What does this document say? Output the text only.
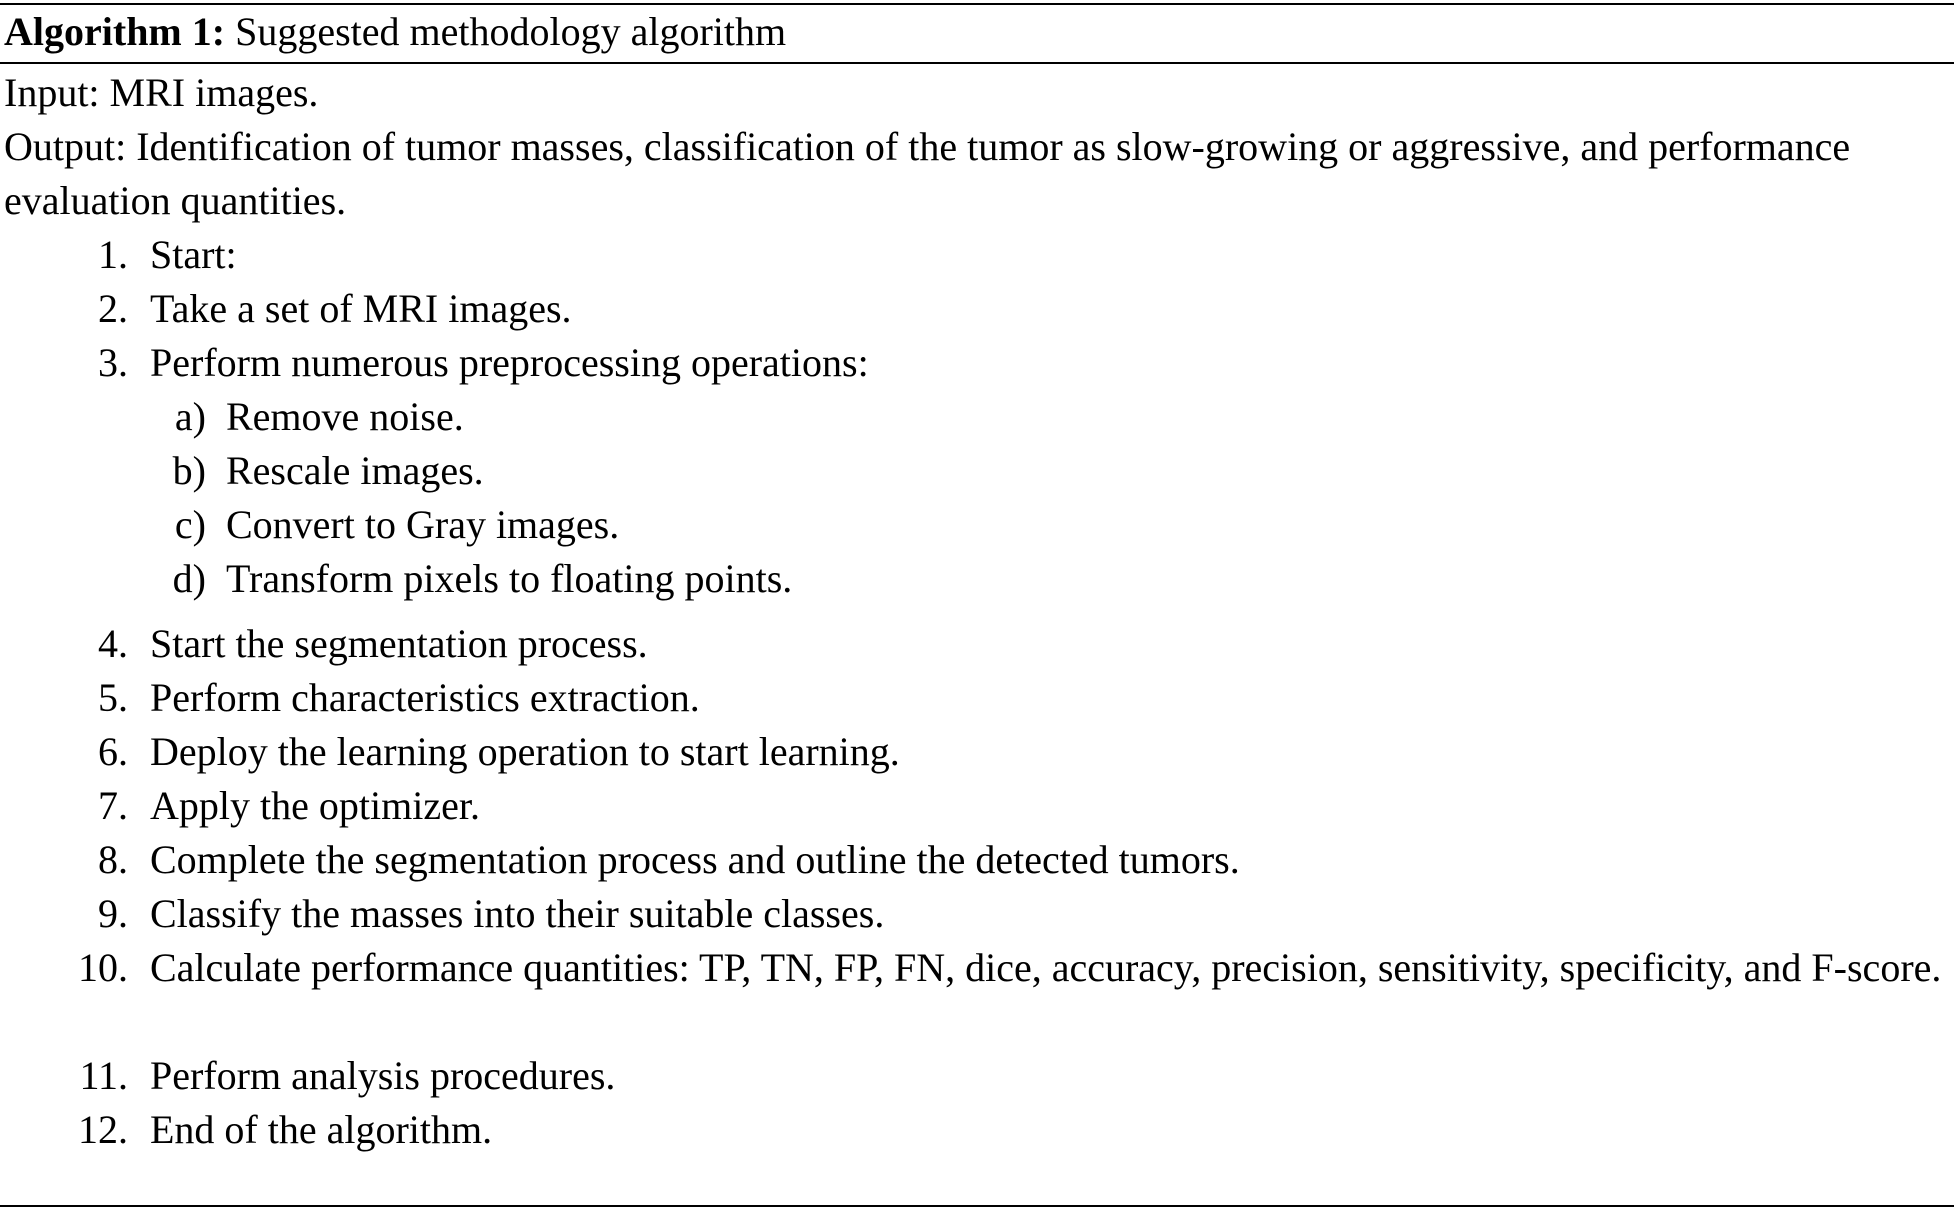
Algorithm 1: Suggested methodology algorithm
Input: MRI images.
Output: Identification of tumor masses, classification of the tumor as slow-growing or aggressive, and performance evaluation quantities.
1. Start:
2. Take a set of MRI images.
3. Perform numerous preprocessing operations:
a) Remove noise.
b) Rescale images.
c) Convert to Gray images.
d) Transform pixels to floating points.
4. Start the segmentation process.
5. Perform characteristics extraction.
6. Deploy the learning operation to start learning.
7. Apply the optimizer.
8. Complete the segmentation process and outline the detected tumors.
9. Classify the masses into their suitable classes.
10. Calculate performance quantities: TP, TN, FP, FN, dice, accuracy, precision, sensitivity, specificity, and F-score.
11. Perform analysis procedures.
12. End of the algorithm.
